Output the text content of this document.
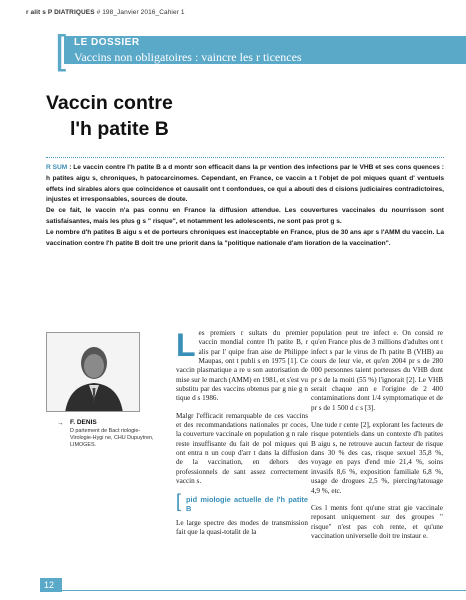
r alit s P DIATRIQUES # 198_Janvier 2016_Cahier 1
[ LE DOSSIER
Vaccins non obligatoires : vaincre les r ticences
Vaccin contre
l'h patite B

R SUM : Le vaccin contre l'h patite B a d montr son efficacit dans la pr vention des infections par le VHB et ses cons quences : h patites aigu s, chroniques, h patocarcinomes. Cependant, en France, ce vaccin a t l'objet de pol miques quant d' ventuels effets ind sirables alors que coïncidence et causalit ont t confondues, ce qui a abouti des d cisions judiciaires contradictoires, injustes et irresponsables, sources de doute.

De ce fait, le vaccin n'a pas connu en France la diffusion attendue. Les couvertures vaccinales du nourrisson sont satisfaisantes, mais les plus g s " risque", et notamment les adolescents, ne sont pas prot g s.

Le nombre d'h patites B aigu s et de porteurs chroniques est inacceptable en France, plus de 30 ans apr s l'AMM du vaccin. La vaccination contre l'h patite B doit tre une priorit dans la "politique nationale d'am lioration de la vaccination".

→ F. DENIS
D partement de Bact riologie-Virologie-Hygi ne, CHU Dupuytren, LIMOGES.

Les premiers r sultats du premier vaccin mondial contre l'h patite B, r alis par l' quipe fran aise de Philippe Maupas, ont t publi s en 1975 [1]. Ce vaccin plasmatique a re u son autorisation de mise sur le march (AMM) en 1981, et s'est vu substitu par des vaccins obtenus par g nie g n tique d s 1986.

Malgr l'efficacit remarquable de ces vaccins et des recommandations nationales pr coces, la couverture vaccinale en population g n rale reste insuffisante du fait de pol miques qui ont entra n un coup d'arr t dans la diffusion de la vaccination, en dehors des professionnels de sant assez correctement vaccin s.

[ pid miologie actuelle de l'h patite B

Le large spectre des modes de transmission fait que la quasi-totalit de la

population peut tre infect e. On consid re qu'en France plus de 3 millions d'adultes ont t infect s par le virus de l'h patite B (VHB) au cours de leur vie, et qu'en 2004 pr s de 280 000 personnes taient porteuses du VHB dont pr s de la moiti (55 %) l'ignorait [2]. Le VHB serait chaque ann e l'origine de 2 400 contaminations dont 1/4 symptomatique et de pr s de 1 500 d c s [3].

Une tude r cente [2], explorant les facteurs de risque potentiels dans un contexte d'h patites B aigu s, ne retrouve aucun facteur de risque dans 30 % des cas, risque sexuel 35,8 %, voyage en pays d'end mie 21,4 %, soins invasifs 8,6 %, exposition familiale 6,8 %, usage de drogues 2,5 %, piercing/tatouage 4,9 %, etc.

Ces l ments font qu'une strat gie vaccinale reposant uniquement sur des groupes " risque" n'est pas coh rente, et qu'une vaccination universelle doit tre instaur e.

12
